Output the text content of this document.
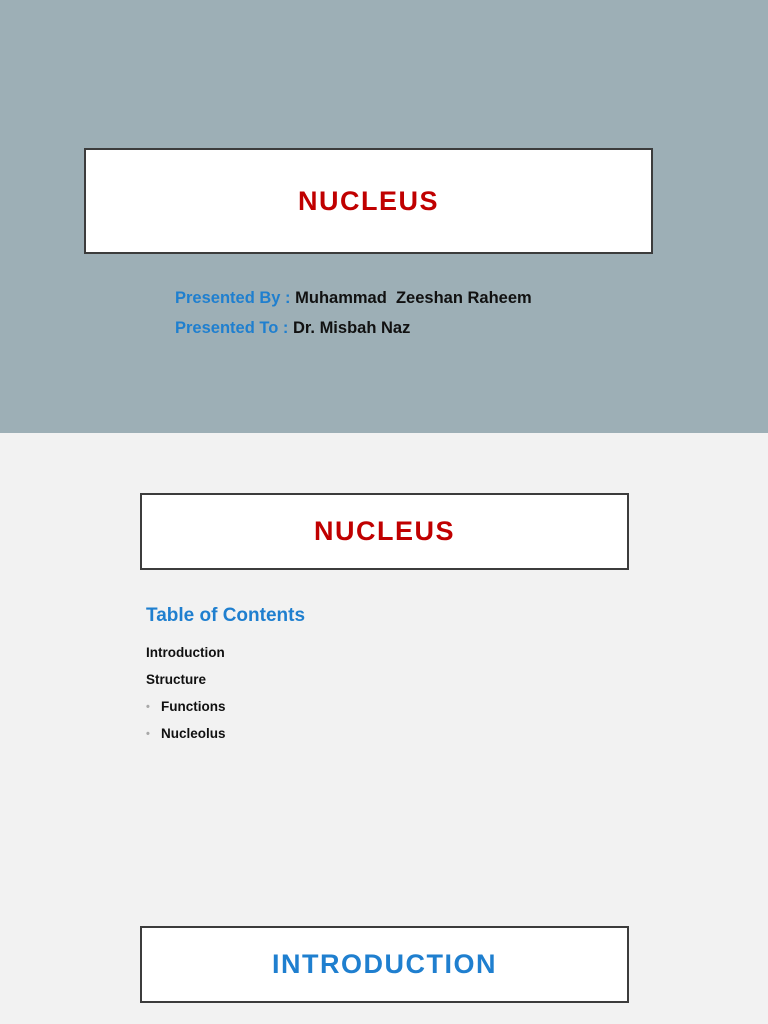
NUCLEUS
Presented By : Muhammad  Zeeshan Raheem
Presented To : Dr. Misbah Naz
NUCLEUS
Table of Contents
Introduction
Structure
• Functions
• Nucleolus
INTRODUCTION
